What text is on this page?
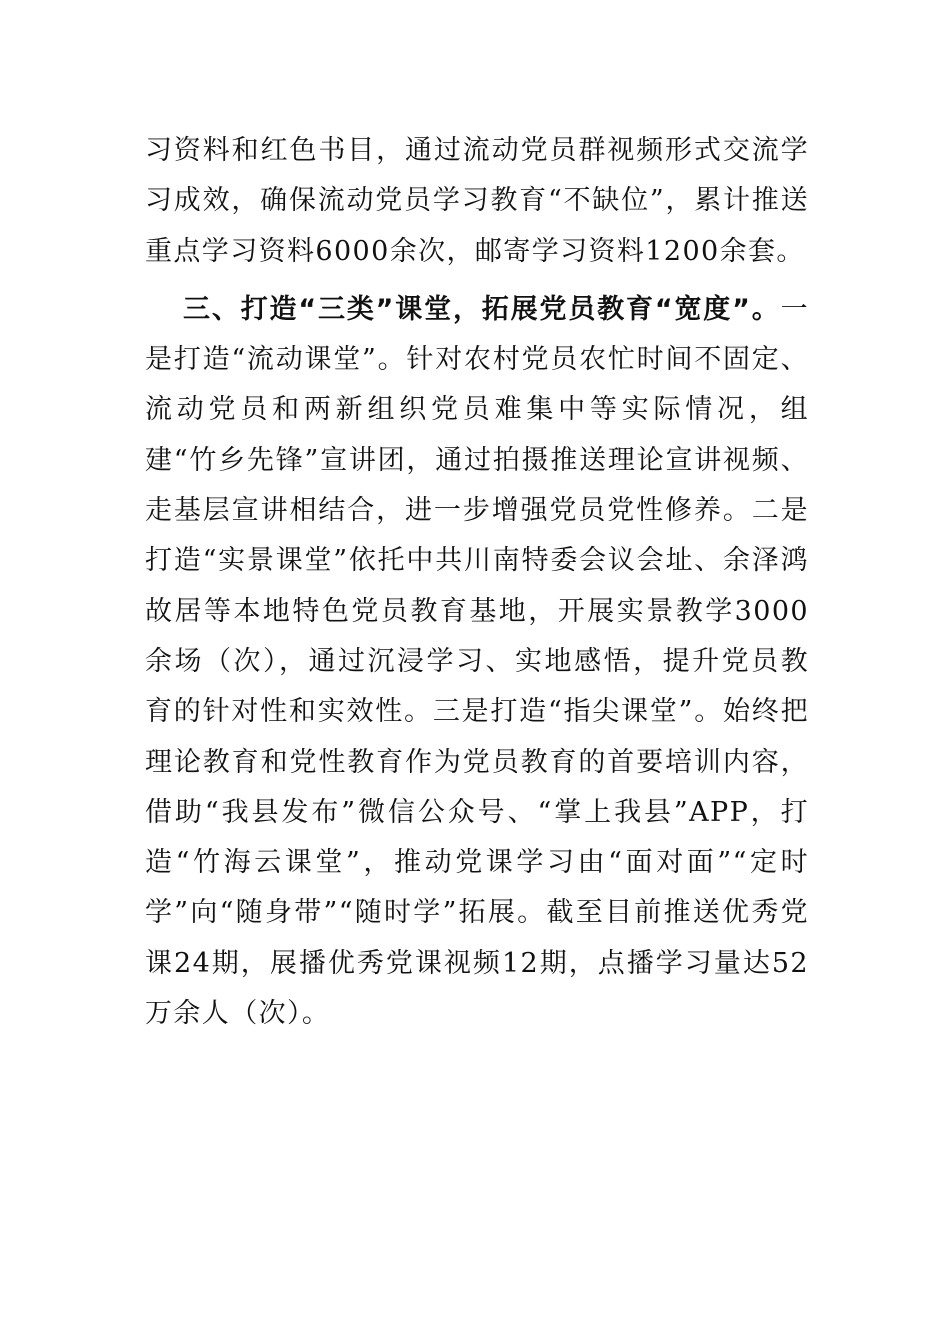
习资料和红色书目，通过流动党员群视频形式交流学习成效，确保流动党员学习教育“不缺位”，累计推送重点学习资料6000余次，邮寄学习资料1200余套。

三、打造“三类”课堂，拓展党员教育“宽度”。一是打造“流动课堂”。针对农村党员农忙时间不固定、流动党员和两新组织党员难集中等实际情况，组建“竹乡先锋”宣讲团，通过拍摄推送理论宣讲视频、走基层宣讲相结合，进一步增强党员党性修养。二是打造“实景课堂”依托中共川南特委会议会址、余泽鸿故居等本地特色党员教育基地，开展实景教学3000余场（次），通过沉浸学习、实地感悟，提升党员教育的针对性和实效性。三是打造“指尖课堂”。始终把理论教育和党性教育作为党员教育的首要培训内容，借助“我县发布”微信公众号、“掌上我县”APP，打造“竹海云课堂”，推动党课学习由“面对面”“定时学”向“随身带”“随时学”拓展。截至目前推送优秀党课24期，展播优秀党课视频12期，点播学习量达52万余人（次）。
